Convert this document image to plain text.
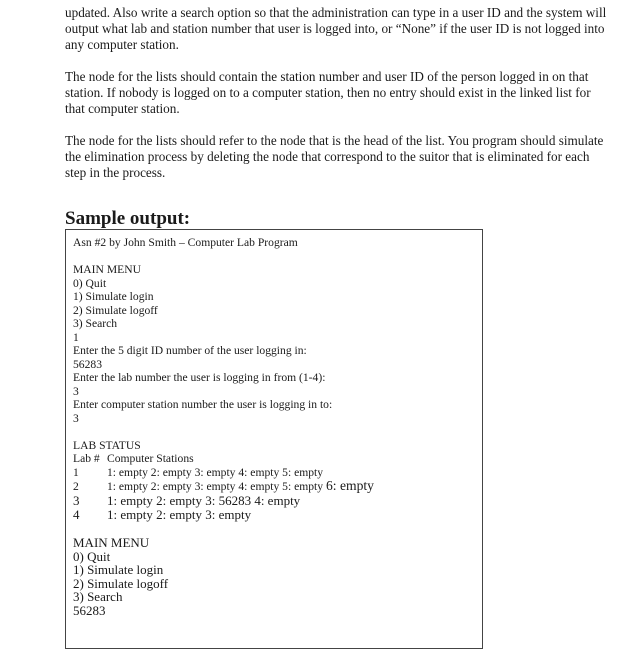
updated. Also write a search option so that the administration can type in a user ID and the system will output what lab and station number that user is logged into, or “None” if the user ID is not logged into any computer station.

The node for the lists should contain the station number and user ID of the person logged in on that station. If nobody is logged on to a computer station, then no entry should exist in the linked list for that computer station.

The node for the lists should refer to the node that is the head of the list. You program should simulate the elimination process by deleting the node that correspond to the suitor that is eliminated for each step in the process.

Sample output:
Asn #2 by John Smith – Computer Lab Program
MAIN MENU
0) Quit
1) Simulate login
2) Simulate logoff
3) Search
1
Enter the 5 digit ID number of the user logging in:
56283
Enter the lab number the user is logging in from (1-4):
3
Enter computer station number the user is logging in to:
3
LAB STATUS
Lab # Computer Stations
1 1: empty 2: empty 3: empty 4: empty 5: empty
2 1: empty 2: empty 3: empty 4: empty 5: empty 6: empty
3 1: empty 2: empty 3: 56283 4: empty
4 1: empty 2: empty 3: empty
MAIN MENU
0) Quit
1) Simulate login
2) Simulate logoff
3) Search
56283
